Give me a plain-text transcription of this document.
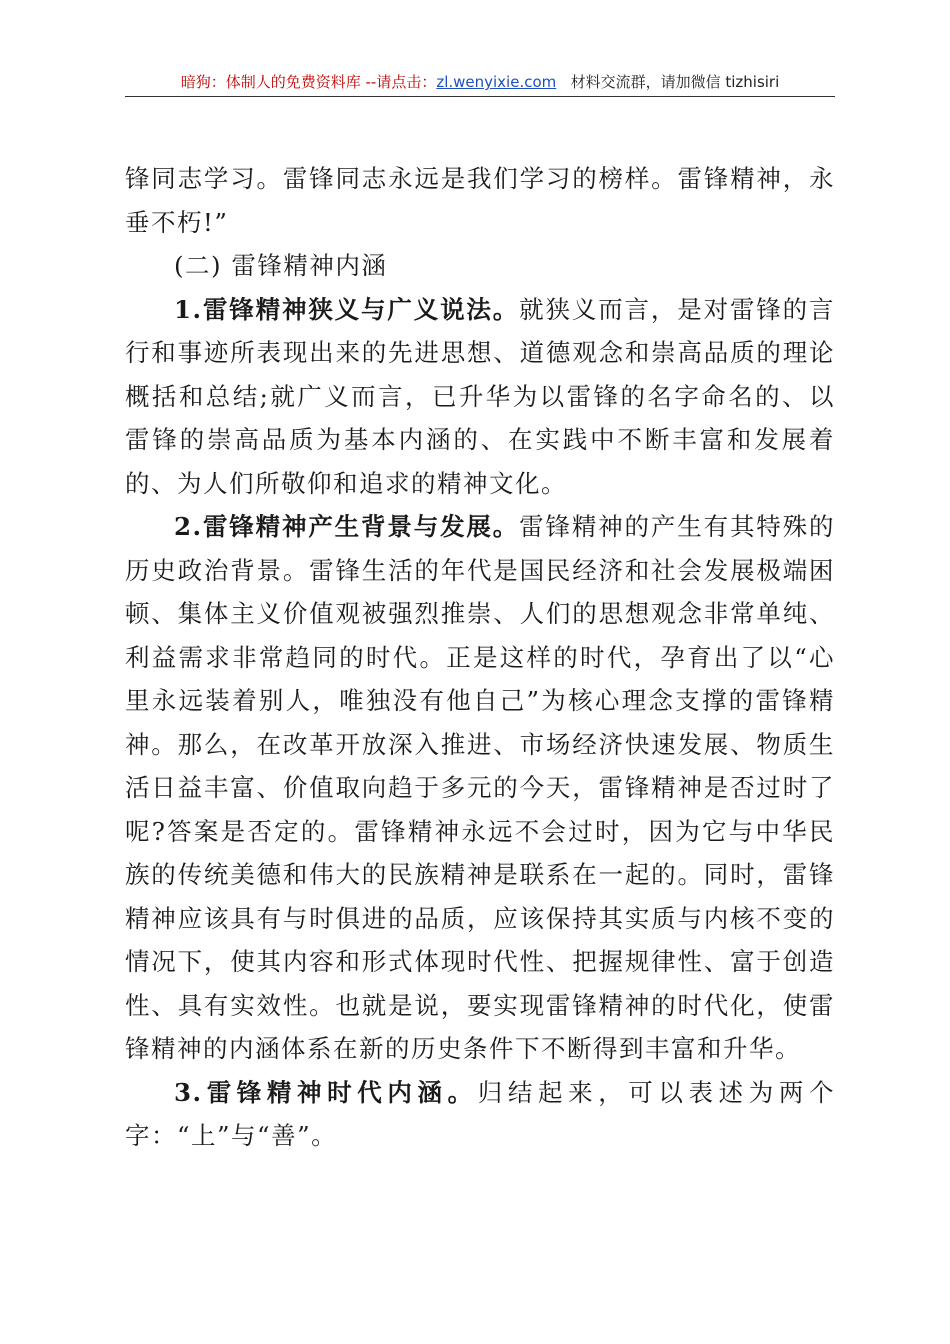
暗狗：体制人的免费资料库 --请点击：zl.wenyixie.com 材料交流群，请加微信 tizhisiri

锋同志学习。雷锋同志永远是我们学习的榜样。雷锋精神，永垂不朽!”

(二) 雷锋精神内涵

1.雷锋精神狭义与广义说法。就狭义而言，是对雷锋的言行和事迹所表现出来的先进思想、道德观念和崇高品质的理论概括和总结;就广义而言，已升华为以雷锋的名字命名的、以雷锋的崇高品质为基本内涵的、在实践中不断丰富和发展着的、为人们所敬仰和追求的精神文化。

2.雷锋精神产生背景与发展。雷锋精神的产生有其特殊的历史政治背景。雷锋生活的年代是国民经济和社会发展极端困顿、集体主义价值观被强烈推崇、人们的思想观念非常单纯、利益需求非常趋同的时代。正是这样的时代，孕育出了以“心里永远装着别人，唯独没有他自己”为核心理念支撑的雷锋精神。那么，在改革开放深入推进、市场经济快速发展、物质生活日益丰富、价值取向趋于多元的今天，雷锋精神是否过时了呢?答案是否定的。雷锋精神永远不会过时，因为它与中华民族的传统美德和伟大的民族精神是联系在一起的。同时，雷锋精神应该具有与时俱进的品质，应该保持其实质与内核不变的情况下，使其内容和形式体现时代性、把握规律性、富于创造性、具有实效性。也就是说，要实现雷锋精神的时代化，使雷锋精神的内涵体系在新的历史条件下不断得到丰富和升华。

3.雷锋精神时代内涵。归结起来，可以表述为两个字：“上”与“善”。
